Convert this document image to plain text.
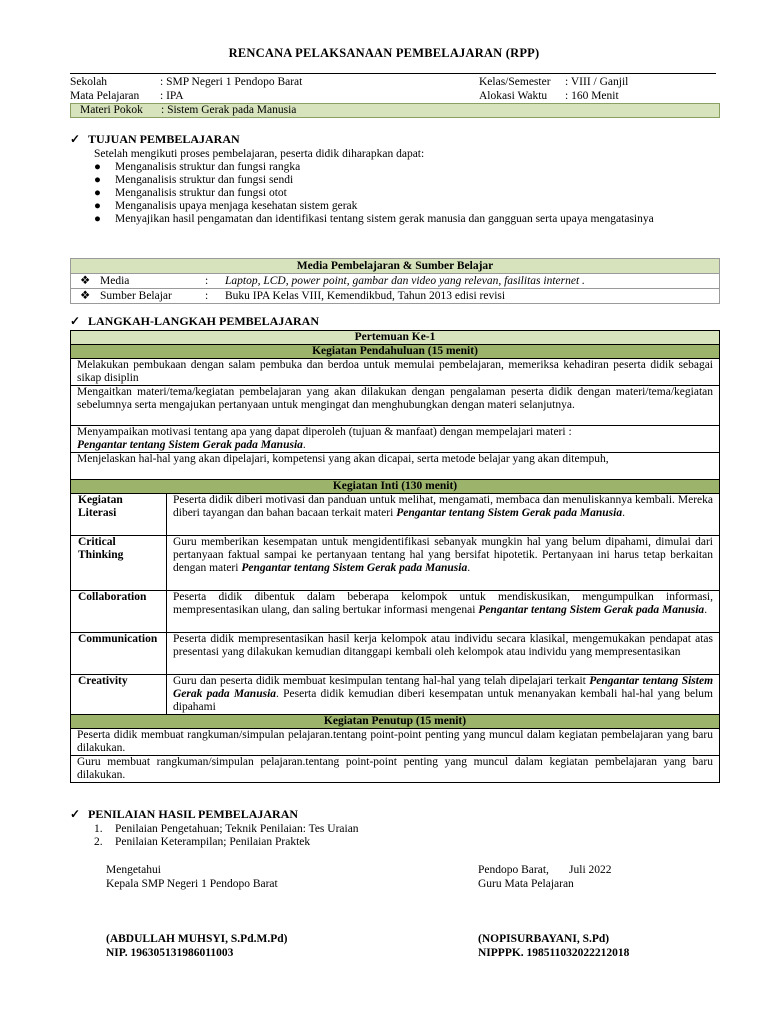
RENCANA PELAKSANAAN PEMBELAJARAN (RPP)
Sekolah	: SMP Negeri 1 Pendopo Barat	Kelas/Semester : VIII / Ganjil
Mata Pelajaran : IPA	Alokasi Waktu : 160 Menit
Materi Pokok : Sistem Gerak pada Manusia
✓ TUJUAN PEMBELAJARAN
Setelah mengikuti proses pembelajaran, peserta didik diharapkan dapat:
● Menganalisis struktur dan fungsi rangka
● Menganalisis struktur dan fungsi sendi
● Menganalisis struktur dan fungsi otot
● Menganalisis upaya menjaga kesehatan sistem gerak
● Menyajikan hasil pengamatan dan identifikasi tentang sistem gerak manusia dan gangguan serta upaya mengatasinya
Media Pembelajaran & Sumber Belajar		
❖ Media	:	Laptop, LCD, power point, gambar dan video yang relevan, fasilitas internet .
❖ Sumber Belajar	:	Buku IPA Kelas VIII, Kemendikbud, Tahun 2013 edisi revisi
✓ LANGKAH-LANGKAH PEMBELAJARAN
Pertemuan Ke-1	
Kegiatan Pendahuluan (15 menit)	
Melakukan pembukaan dengan salam pembuka dan berdoa untuk memulai pembelajaran, memeriksa kehadiran peserta didik sebagai sikap disiplin	
Mengaitkan materi/tema/kegiatan pembelajaran yang akan dilakukan dengan pengalaman peserta didik dengan materi/tema/kegiatan sebelumnya serta mengajukan pertanyaan untuk mengingat dan menghubungkan dengan materi selanjutnya.	
Menyampaikan motivasi tentang apa yang dapat diperoleh (tujuan & manfaat) dengan mempelajari materi :
Pengantar tentang Sistem Gerak pada Manusia.	
Menjelaskan hal-hal yang akan dipelajari, kompetensi yang akan dicapai, serta metode belajar yang akan ditempuh,	
Kegiatan Inti (130 menit)	
Kegiatan Literasi	Peserta didik diberi motivasi dan panduan untuk melihat, mengamati, membaca dan menuliskannya kembali. Mereka diberi tayangan dan bahan bacaan terkait materi Pengantar tentang Sistem Gerak pada Manusia.
Critical Thinking	Guru memberikan kesempatan untuk mengidentifikasi sebanyak mungkin hal yang belum dipahami, dimulai dari pertanyaan faktual sampai ke pertanyaan tentang hal yang bersifat hipotetik. Pertanyaan ini harus tetap berkaitan dengan materi Pengantar tentang Sistem Gerak pada Manusia.
Collaboration	Peserta didik dibentuk dalam beberapa kelompok untuk mendiskusikan, mengumpulkan informasi, mempresentasikan ulang, dan saling bertukar informasi mengenai Pengantar tentang Sistem Gerak pada Manusia.
Communication	Peserta didik mempresentasikan hasil kerja kelompok atau individu secara klasikal, mengemukakan pendapat atas presentasi yang dilakukan kemudian ditanggapi kembali oleh kelompok atau individu yang mempresentasikan
Creativity	Guru dan peserta didik membuat kesimpulan tentang hal-hal yang telah dipelajari terkait Pengantar tentang Sistem Gerak pada Manusia. Peserta didik kemudian diberi kesempatan untuk menanyakan kembali hal-hal yang belum dipahami
Kegiatan Penutup (15 menit)	
Peserta didik membuat rangkuman/simpulan pelajaran.tentang point-point penting yang muncul dalam kegiatan pembelajaran yang baru dilakukan.	
Guru membuat rangkuman/simpulan pelajaran.tentang point-point penting yang muncul dalam kegiatan pembelajaran yang baru dilakukan.	
✓ PENILAIAN HASIL PEMBELAJARAN
1. Penilaian Pengetahuan; Teknik Penilaian: Tes Uraian
2. Penilaian Keterampilan; Penilaian Praktek
Mengetahui
Kepala SMP Negeri 1 Pendopo Barat
(ABDULLAH MUHSYI, S.Pd.M.Pd)
NIP. 196305131986011003
Pendopo Barat,       Juli 2022
Guru Mata Pelajaran
(NOPISURBAYANI, S.Pd)
NIPPPK. 198511032022212018
